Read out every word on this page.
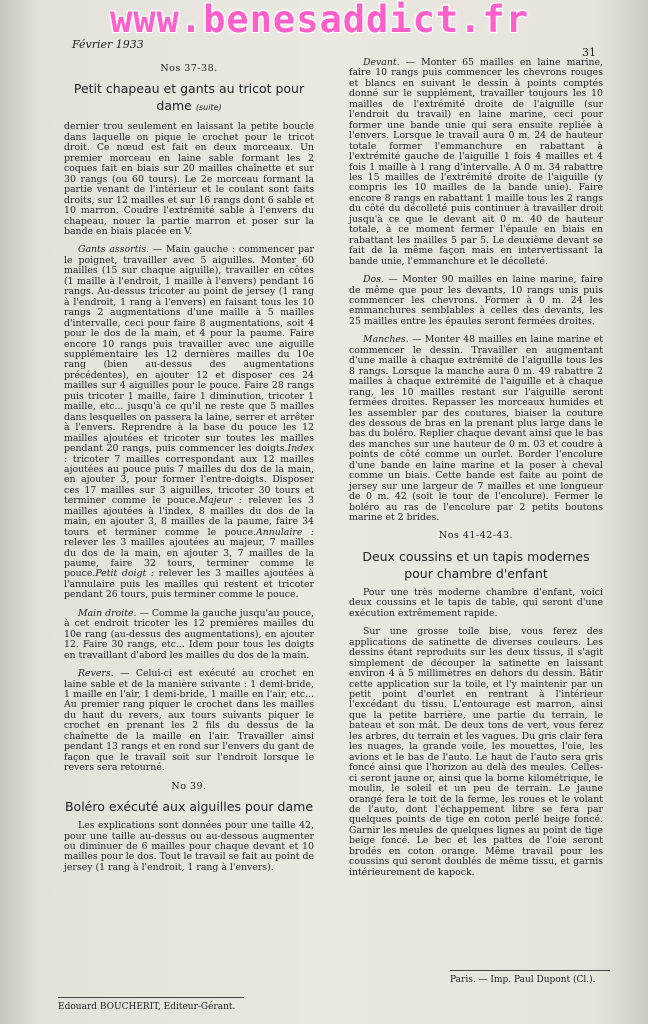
www.benesaddict.fr
Février 1933
31
Nos 37-38.
Petit chapeau et gants au tricot pour dame (suite)

dernier trou seulement en laissant la petite boucle dans laquelle on pique le crochet pour le tricot droit. Ce nœud est fait en deux morceaux. Un premier morceau en laine sable formant les 2 coques fait en biais sur 20 mailles chaînette et sur 30 rangs (ou 60 tours). Le 2e morceau formant la partie venant de l'intérieur et le coulant sont faits droits, sur 12 mailles et sur 16 rangs dont 6 sable et 10 marron. Coudre l'extrémité sable à l'envers du chapeau, nouer la partie marron et poser sur la bande en biais placée en V.

Gants assortis. — Main gauche : commencer par le poignet, travailler avec 5 aiguilles. Monter 60 mailles (15 sur chaque aiguille), travailler en côtes (1 maille à l'endroit, 1 maille à l'envers) pendant 16 rangs. Au-dessus tricoter au point de jersey (1 rang à l'endroit, 1 rang à l'envers) en faisant tous les 10 rangs 2 augmentations d'une maille à 5 mailles d'intervalle, ceci pour faire 8 augmentations, soit 4 pour le dos de la main, et 4 pour la paume. Faire encore 10 rangs puis travailler avec une aiguille supplémentaire les 12 dernières mailles du 10e rang (bien au-dessus des augmentations précédentes), en ajouter 12 et disposer ces 24 mailles sur 4 aiguilles pour le pouce. Faire 28 rangs puis tricoter 1 maille, faire 1 diminution, tricoter 1 maille, etc... jusqu'à ce qu'il ne reste que 5 mailles dans lesquelles on passera la laine, serrer et arrêter à l'envers. Reprendre à la base du pouce les 12 mailles ajoutées et tricoter sur toutes les mailles pendant 20 rangs, puis commencer les doigts.Index : tricoter 7 mailles correspondant aux 12 mailles ajoutées au pouce puis 7 mailles du dos de la main, en ajouter 3, pour former l'entre-doigts. Disposer ces 17 mailles sur 3 aiguilles, tricoter 30 tours et terminer comme le pouce.Majeur : relever les 3 mailles ajoutées à l'index, 8 mailles du dos de la main, en ajouter 3, 8 mailles de la paume, faire 34 tours et terminer comme le pouce.Annulaire : relever les 3 mailles ajoutées au majeur, 7 mailles du dos de la main, en ajouter 3, 7 mailles de la paume, faire 32 tours, terminer comme le pouce.Petit doigt : relever les 3 mailles ajoutées à l'annulaire puis les mailles qui restent et tricoter pendant 26 tours, puis terminer comme le pouce.

Main droite. — Comme la gauche jusqu'au pouce, à cet endroit tricoter les 12 premières mailles du 10e rang (au-dessus des augmentations), en ajouter 12. Faire 30 rangs, etc... Idem pour tous les doigts en travaillant d'abord les mailles du dos de la main.

Revers. — Celui-ci est exécuté au crochet en laine sable et de la manière suivante : 1 demi-bride, 1 maille en l'air, 1 demi-bride, 1 maille en l'air, etc... Au premier rang piquer le crochet dans les mailles du haut du revers, aux tours suivants piquer le crochet en prenant les 2 fils du dessus de la chaînette de la maille en l'air. Travailler ainsi pendant 13 rangs et en rond sur l'envers du gant de façon que le travail soit sur l'endroit lorsque le revers sera retourné.

No 39.
Boléro exécuté aux aiguilles pour dame

Les explications sont données pour une taille 42, pour une taille au-dessus ou au-dessous augmenter ou diminuer de 6 mailles pour chaque devant et 10 mailles pour le dos. Tout le travail se fait au point de jersey (1 rang à l'endroit, 1 rang à l'envers).

Devant. — Monter 65 mailles en laine marine, faire 10 rangs puis commencer les chevrons rouges et blancs en suivant le dessin à points comptés donné sur le supplément, travailler toujours les 10 mailles de l'extrémité droite de l'aiguille (sur l'endroit du travail) en laine marine, ceci pour former une bande unie qui sera ensuite repliée à l'envers. Lorsque le travail aura 0 m. 24 de hauteur totale former l'emmanchure en rabattant à l'extrémité gauche de l'aiguille 1 fois 4 mailles et 4 fois 1 maille à 1 rang d'intervalle. A 0 m. 34 rabattre les 15 mailles de l'extrémité droite de l'aiguille (y compris les 10 mailles de la bande unie). Faire encore 8 rangs en rabattant 1 maille tous les 2 rangs du côté du décolleté puis continuer à travailler droit jusqu'à ce que le devant ait 0 m. 40 de hauteur totale, à ce moment fermer l'épaule en biais en rabattant les mailles 5 par 5. Le deuxième devant se fait de la même façon mais en intervertissant la bande unie, l'emmanchure et le décolleté.

Dos. — Monter 90 mailles en laine marine, faire de même que pour les devants, 10 rangs unis puis commencer les chevrons. Former à 0 m. 24 les emmanchures semblables à celles des devants, les 25 mailles entre les épaules seront fermées droites.

Manches. — Monter 48 mailles en laine marine et commencer le dessin. Travailler en augmentant d'une maille à chaque extrémité de l'aiguille tous les 8 rangs. Lorsque la manche aura 0 m. 49 rabattre 2 mailles à chaque extrémité de l'aiguille et à chaque rang, les 10 mailles restant sur l'aiguille seront fermées droites. Repasser les morceaux humides et les assembler par des coutures, biaiser la couture des dessous de bras en la prenant plus large dans le bas du boléro. Replier chaque devant ainsi que le bas des manches sur une hauteur de 0 m. 03 et coudre à points de côté comme un ourlet. Border l'encolure d'une bande en laine marine et la poser à cheval comme un biais. Cette bande est faite au point de jersey sur une largeur de 7 mailles et une longueur de 0 m. 42 (soit le tour de l'encolure). Fermer le boléro au ras de l'encolure par 2 petits boutons marine et 2 brides.

Nos 41-42-43.
Deux coussins et un tapis modernes pour chambre d'enfant

Pour une très moderne chambre d'enfant, voici deux coussins et le tapis de table, qui seront d'une exécution extrêmement rapide.

Sur une grosse toile bise, vous ferez des applications de satinette de diverses couleurs. Les dessins étant reproduits sur les deux tissus, il s'agit simplement de découper la satinette en laissant environ 4 à 5 millimètres en dehors du dessin. Bâtir cette application sur la toile, et l'y maintenir par un petit point d'ourlet en rentrant à l'intérieur l'excédant du tissu. L'entourage est marron, ainsi que la petite barrière, une partie du terrain, le bateau et son mât. De deux tons de vert, vous ferez les arbres, du terrain et les vagues. Du gris clair fera les nuages, la grande voile, les mouettes, l'oie, les avions et le bas de l'auto. Le haut de l'auto sera gris foncé ainsi que l'horizon au delà des meules. Celles-ci seront jaune or, ainsi que la borne kilométrique, le moulin, le soleil et un peu de terrain. Le jaune orangé fera le toit de la ferme, les roues et le volant de l'auto, dont l'échappement libre se fera par quelques points de tige en coton perlé beige foncé. Garnir les meules de quelques lignes au point de tige beige foncé. Le bec et les pattes de l'oie seront brodés en coton orange. Même travail pour les coussins qui seront doublés de même tissu, et garnis intérieurement de kapock.

Edouard BOUCHERIT, Editeur-Gérant.
Paris. — Imp. Paul Dupont (Cl.).
